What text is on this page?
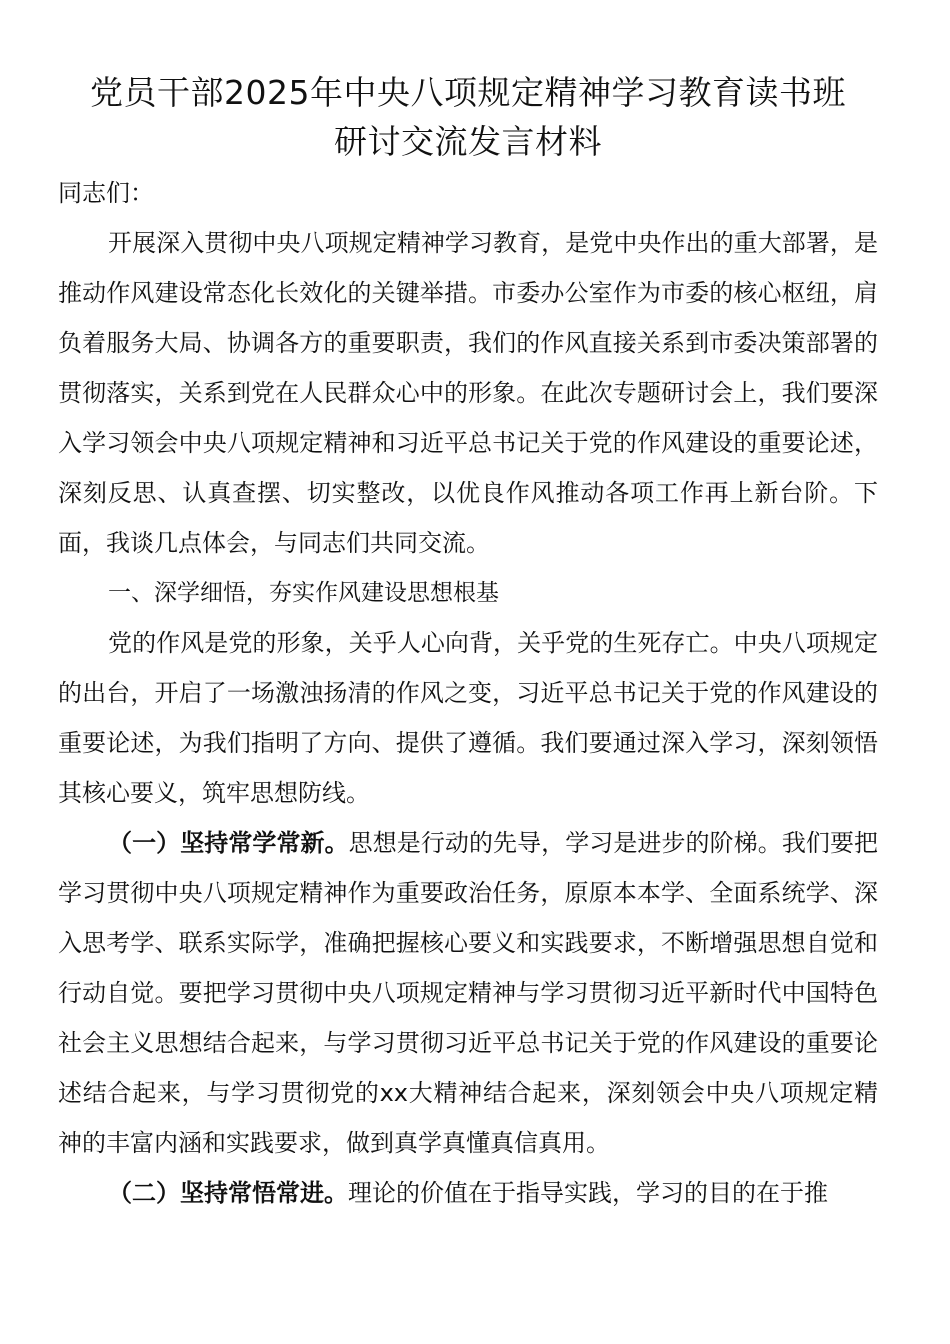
党员干部2025年中央八项规定精神学习教育读书班
研讨交流发言材料

同志们：

开展深入贯彻中央八项规定精神学习教育，是党中央作出的重大部署，是推动作风建设常态化长效化的关键举措。市委办公室作为市委的核心枢纽，肩负着服务大局、协调各方的重要职责，我们的作风直接关系到市委决策部署的贯彻落实，关系到党在人民群众心中的形象。在此次专题研讨会上，我们要深入学习领会中央八项规定精神和习近平总书记关于党的作风建设的重要论述，深刻反思、认真查摆、切实整改，以优良作风推动各项工作再上新台阶。下面，我谈几点体会，与同志们共同交流。

一、深学细悟，夯实作风建设思想根基

党的作风是党的形象，关乎人心向背，关乎党的生死存亡。中央八项规定的出台，开启了一场激浊扬清的作风之变，习近平总书记关于党的作风建设的重要论述，为我们指明了方向、提供了遵循。我们要通过深入学习，深刻领悟其核心要义，筑牢思想防线。

（一）坚持常学常新。思想是行动的先导，学习是进步的阶梯。我们要把学习贯彻中央八项规定精神作为重要政治任务，原原本本学、全面系统学、深入思考学、联系实际学，准确把握核心要义和实践要求，不断增强思想自觉和行动自觉。要把学习贯彻中央八项规定精神与学习贯彻习近平新时代中国特色社会主义思想结合起来，与学习贯彻习近平总书记关于党的作风建设的重要论述结合起来，与学习贯彻党的xx大精神结合起来，深刻领会中央八项规定精神的丰富内涵和实践要求，做到真学真懂真信真用。

（二）坚持常悟常进。理论的价值在于指导实践，学习的目的在于推
